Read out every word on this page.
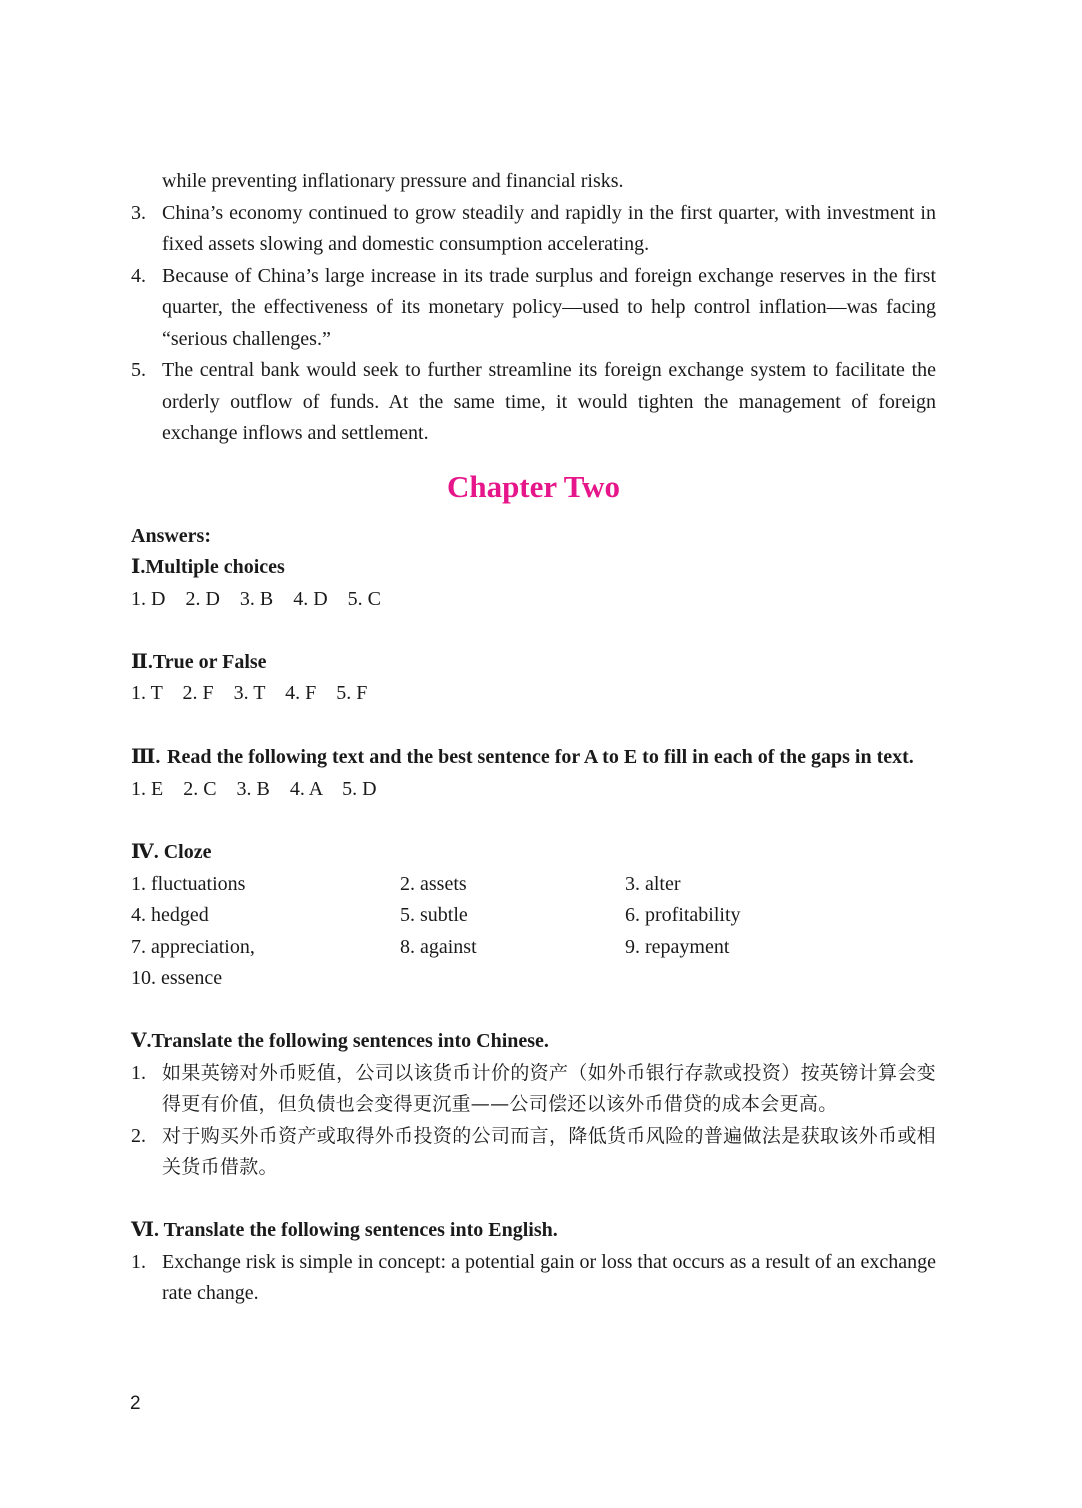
while preventing inflationary pressure and financial risks.
3. China’s economy continued to grow steadily and rapidly in the first quarter, with investment in fixed assets slowing and domestic consumption accelerating.
4. Because of China’s large increase in its trade surplus and foreign exchange reserves in the first quarter, the effectiveness of its monetary policy—used to help control inflation—was facing “serious challenges.”
5. The central bank would seek to further streamline its foreign exchange system to facilitate the orderly outflow of funds. At the same time, it would tighten the management of foreign exchange inflows and settlement.
Chapter Two
Answers:
Ⅰ.Multiple choices
1. D    2. D    3. B    4. D    5. C
Ⅱ.True or False
1. T    2. F    3. T    4. F    5. F
Ⅲ. Read the following text and the best sentence for A to E to fill in each of the gaps in text.
1. E    2. C    3. B    4. A    5. D
Ⅳ. Cloze
1. fluctuations	2. assets	3. alter
4. hedged	5. subtle	6. profitability
7. appreciation,	8. against	9. repayment
10. essence
Ⅴ.Translate the following sentences into Chinese.
1. 如果英镑对外币贬值，公司以该货币计价的资产（如外币银行存款或投资）按英镑计算会变得更有价值，但负债也会变得更沉重——公司偿还以该外币借贷的成本会更高。
2. 对于购买外币资产或取得外币投资的公司而言，降低货币风险的普遍做法是获取该外币或相关货币借款。
Ⅵ. Translate the following sentences into English.
1. Exchange risk is simple in concept: a potential gain or loss that occurs as a result of an exchange rate change.
2
